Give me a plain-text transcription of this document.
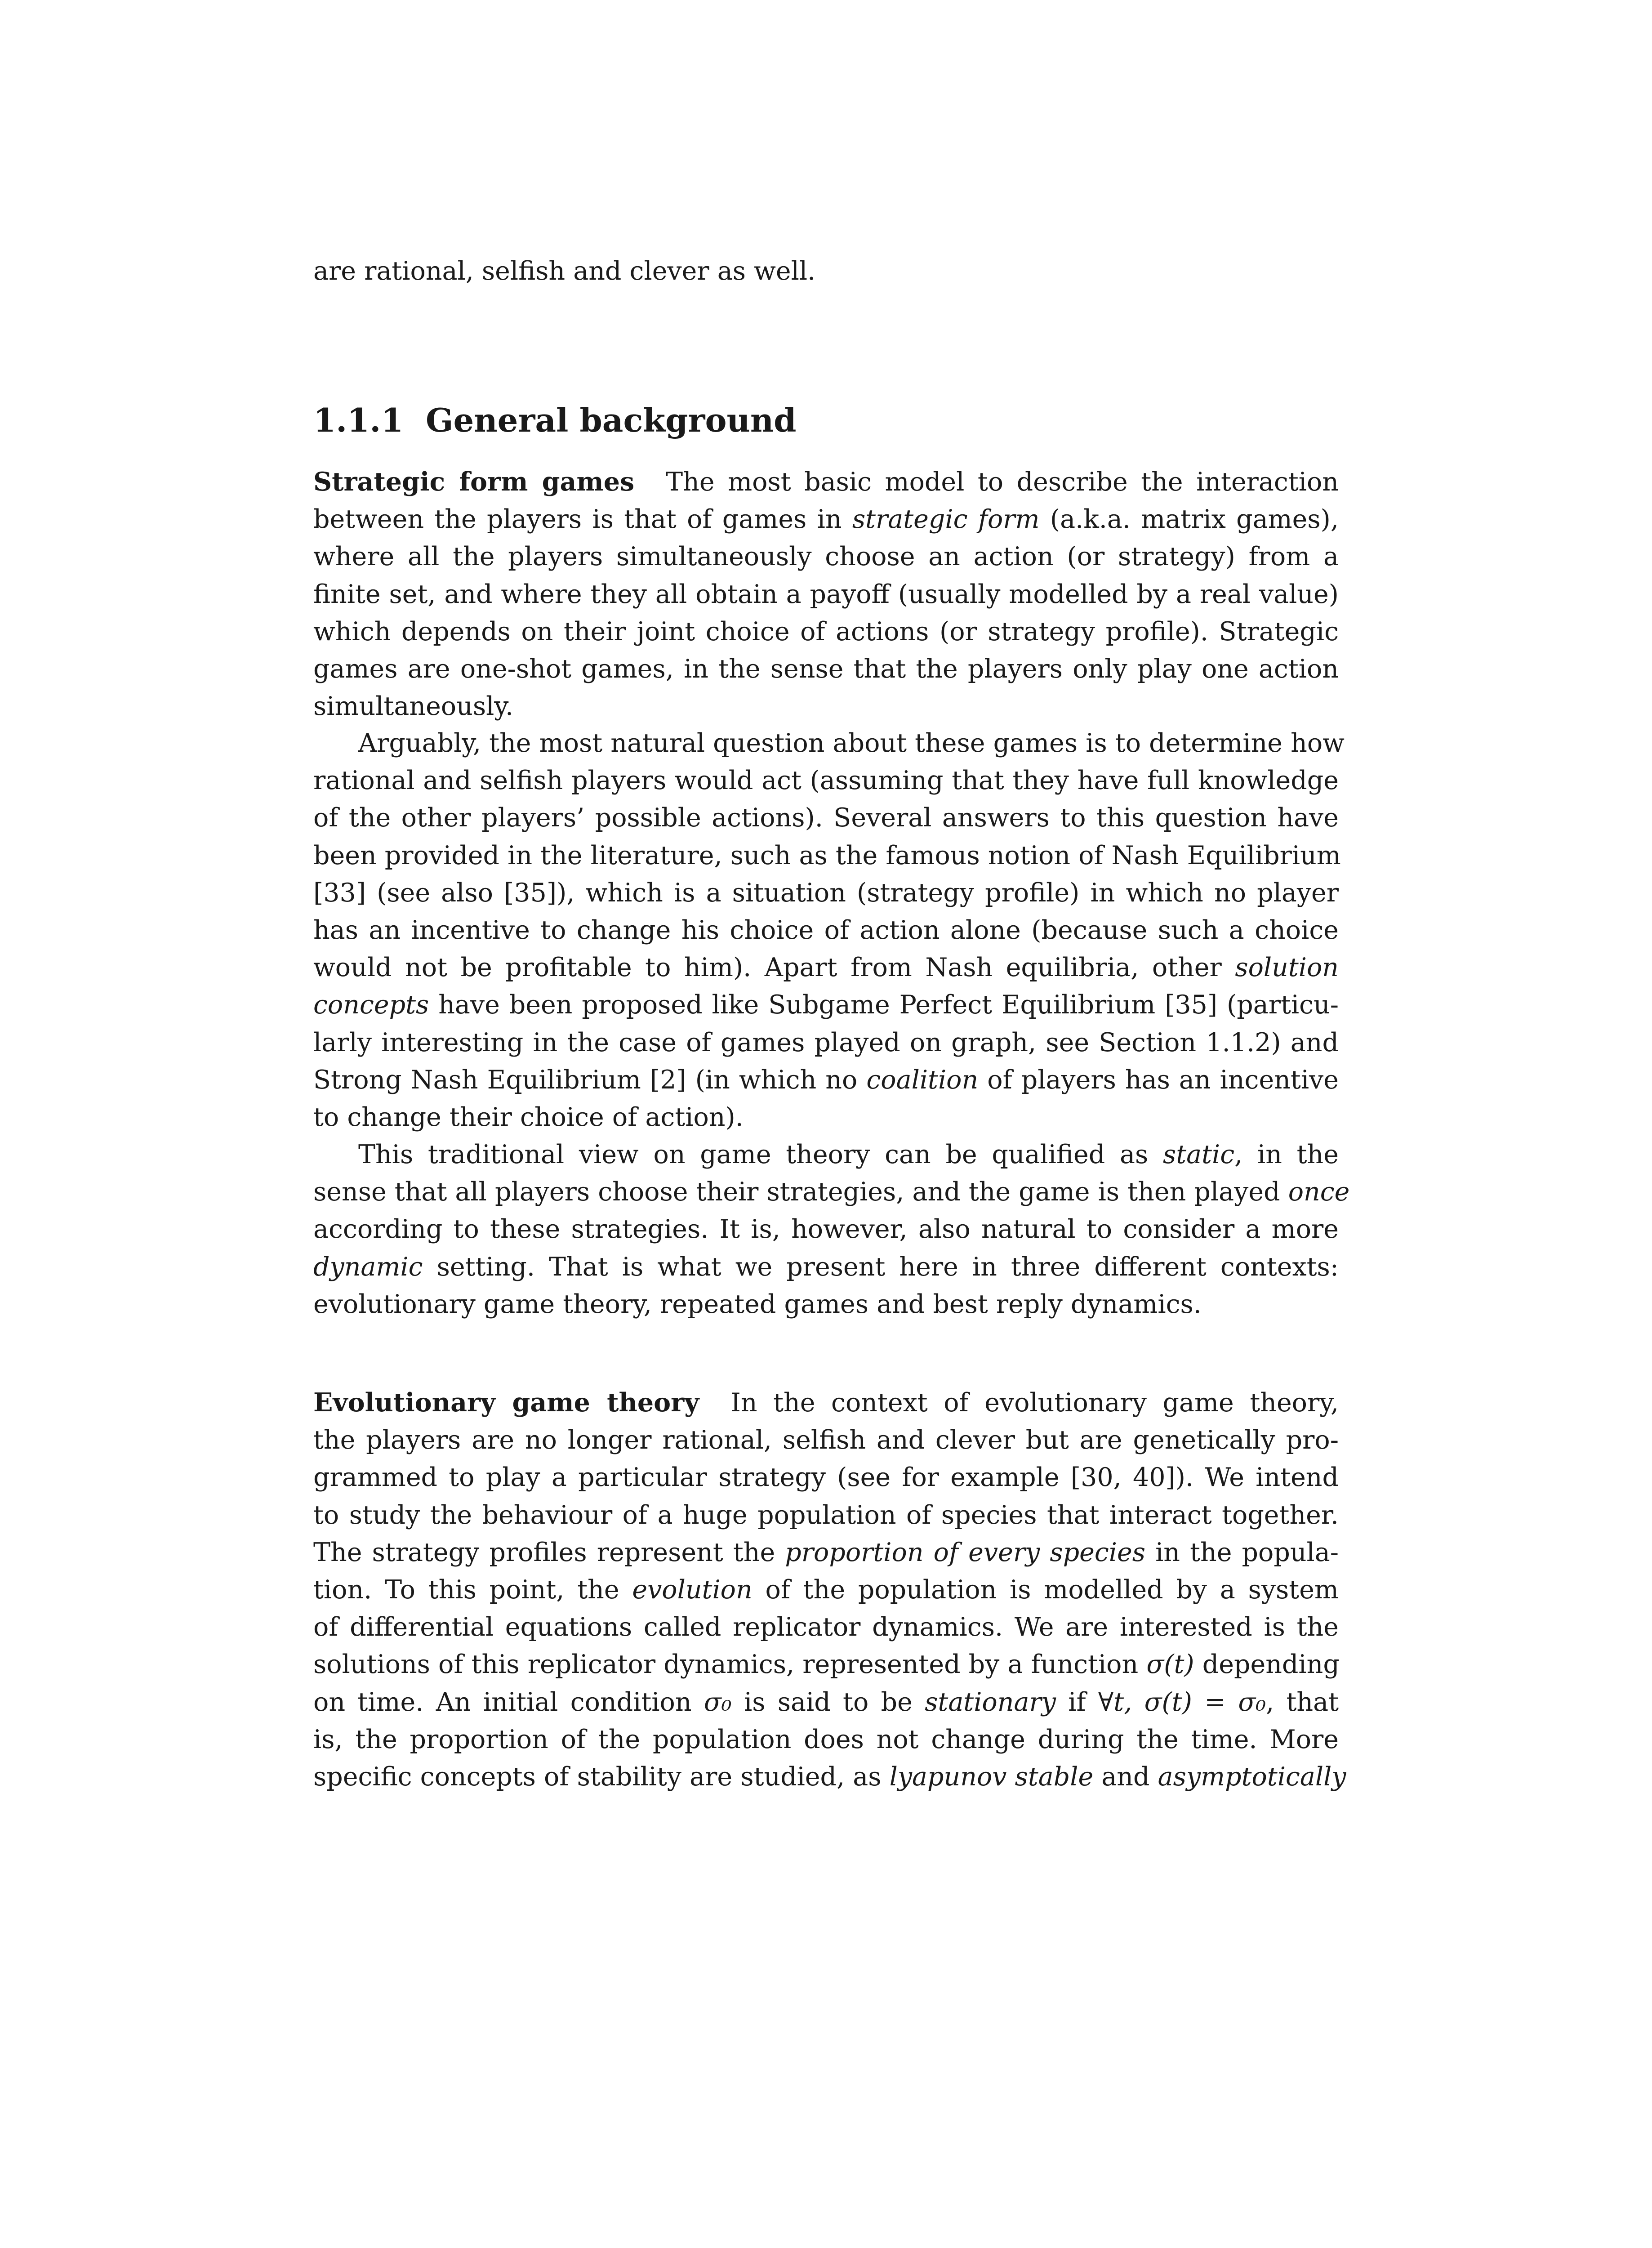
are rational, selfish and clever as well.
1.1.1 General background
Strategic form games The most basic model to describe the interaction
between the players is that of games in strategic form (a.k.a. matrix games),
where all the players simultaneously choose an action (or strategy) from a
finite set, and where they all obtain a payoff (usually modelled by a real value)
which depends on their joint choice of actions (or strategy profile). Strategic
games are one-shot games, in the sense that the players only play one action
simultaneously.
Arguably, the most natural question about these games is to determine how
rational and selfish players would act (assuming that they have full knowledge
of the other players’ possible actions). Several answers to this question have
been provided in the literature, such as the famous notion of Nash Equilibrium
[33] (see also [35]), which is a situation (strategy profile) in which no player
has an incentive to change his choice of action alone (because such a choice
would not be profitable to him). Apart from Nash equilibria, other solution
concepts have been proposed like Subgame Perfect Equilibrium [35] (particu-
larly interesting in the case of games played on graph, see Section 1.1.2) and
Strong Nash Equilibrium [2] (in which no coalition of players has an incentive
to change their choice of action).
This traditional view on game theory can be qualified as static, in the
sense that all players choose their strategies, and the game is then played once
according to these strategies. It is, however, also natural to consider a more
dynamic setting. That is what we present here in three different contexts:
evolutionary game theory, repeated games and best reply dynamics.
Evolutionary game theory In the context of evolutionary game theory,
the players are no longer rational, selfish and clever but are genetically pro-
grammed to play a particular strategy (see for example [30, 40]). We intend
to study the behaviour of a huge population of species that interact together.
The strategy profiles represent the proportion of every species in the popula-
tion. To this point, the evolution of the population is modelled by a system
of differential equations called replicator dynamics. We are interested is the
solutions of this replicator dynamics, represented by a function σ(t) depending
on time. An initial condition σ₀ is said to be stationary if ∀t, σ(t) = σ₀, that
is, the proportion of the population does not change during the time. More
specific concepts of stability are studied, as lyapunov stable and asymptotically
